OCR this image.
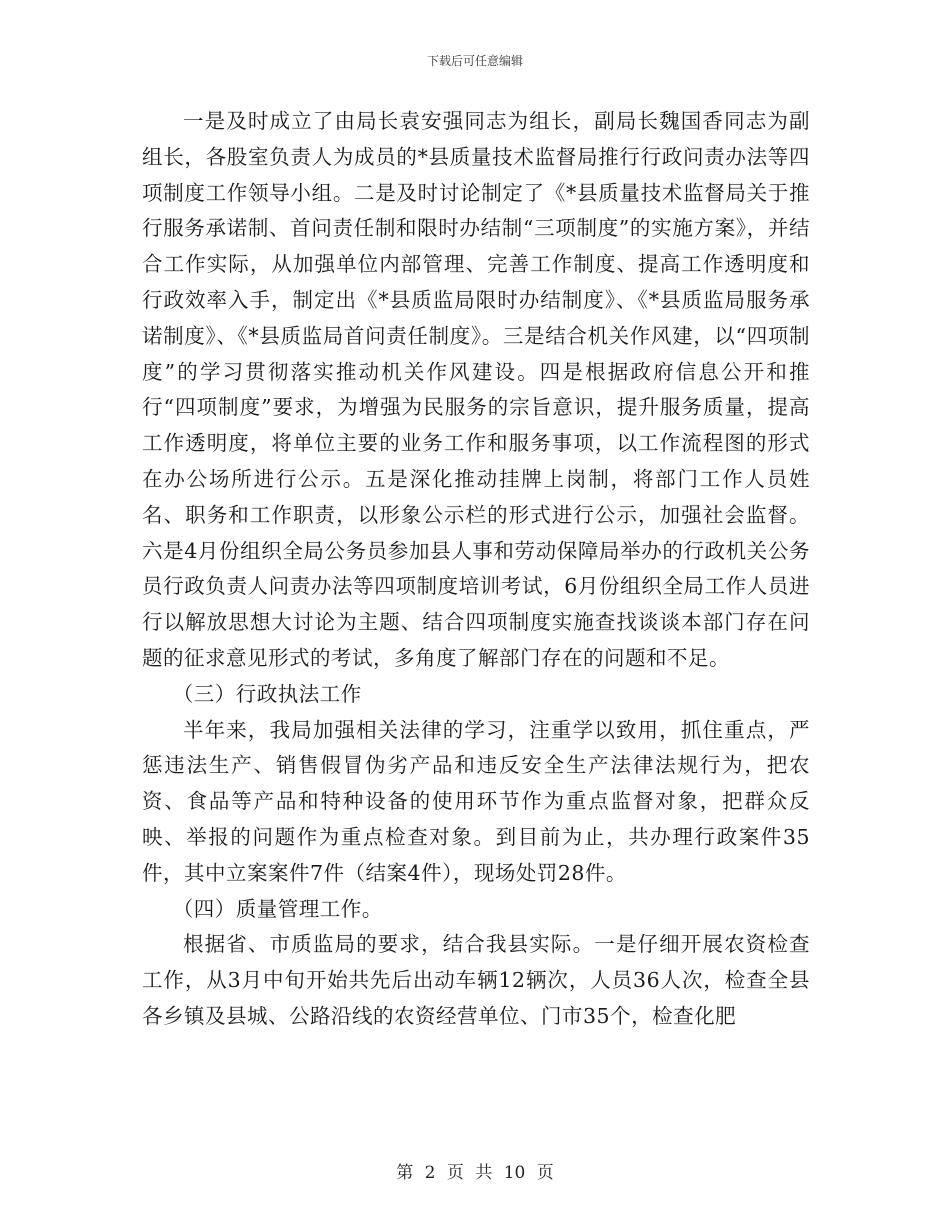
下载后可任意编辑

一是及时成立了由局长袁安强同志为组长，副局长魏国香同志为副组长，各股室负责人为成员的*县质量技术监督局推行行政问责办法等四项制度工作领导小组。二是及时讨论制定了《*县质量技术监督局关于推行服务承诺制、首问责任制和限时办结制“三项制度”的实施方案》，并结合工作实际，从加强单位内部管理、完善工作制度、提高工作透明度和行政效率入手，制定出《*县质监局限时办结制度》、《*县质监局服务承诺制度》、《*县质监局首问责任制度》。三是结合机关作风建，以“四项制度”的学习贯彻落实推动机关作风建设。四是根据政府信息公开和推行“四项制度”要求，为增强为民服务的宗旨意识，提升服务质量，提高工作透明度，将单位主要的业务工作和服务事项，以工作流程图的形式在办公场所进行公示。五是深化推动挂牌上岗制，将部门工作人员姓名、职务和工作职责，以形象公示栏的形式进行公示，加强社会监督。六是4月份组织全局公务员参加县人事和劳动保障局举办的行政机关公务员行政负责人问责办法等四项制度培训考试，6月份组织全局工作人员进行以解放思想大讨论为主题、结合四项制度实施查找谈谈本部门存在问题的征求意见形式的考试，多角度了解部门存在的问题和不足。

（三）行政执法工作

半年来，我局加强相关法律的学习，注重学以致用，抓住重点，严惩违法生产、销售假冒伪劣产品和违反安全生产法律法规行为，把农资、食品等产品和特种设备的使用环节作为重点监督对象，把群众反映、举报的问题作为重点检查对象。到目前为止，共办理行政案件35件，其中立案案件7件（结案4件），现场处罚28件。

（四）质量管理工作。

根据省、市质监局的要求，结合我县实际。一是仔细开展农资检查工作，从3月中旬开始共先后出动车辆12辆次，人员36人次，检查全县各乡镇及县城、公路沿线的农资经营单位、门市35个，检查化肥

第 2 页 共 10 页
